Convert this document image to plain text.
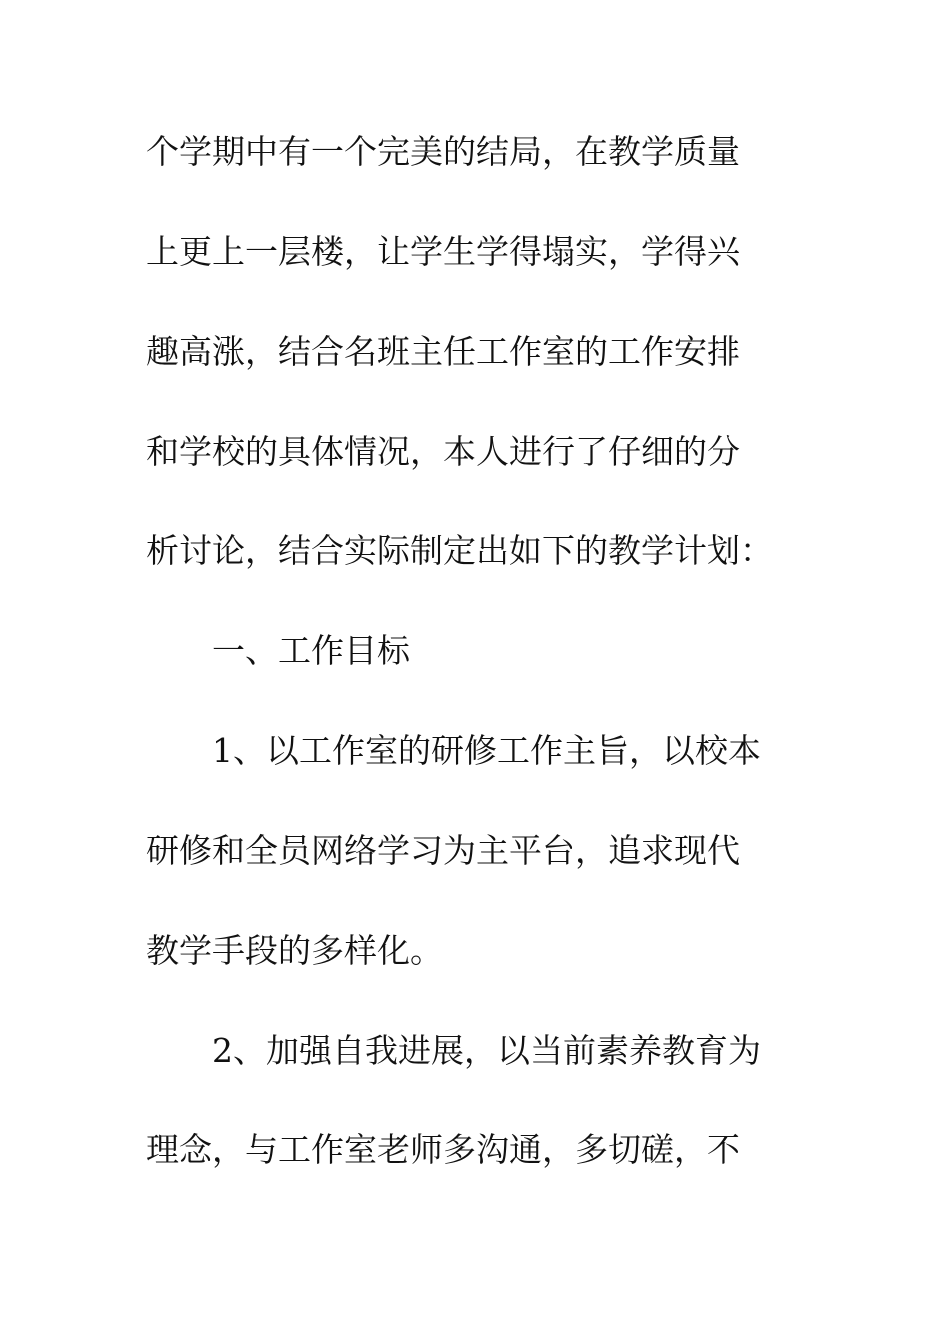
个学期中有一个完美的结局，在教学质量
上更上一层楼，让学生学得塌实，学得兴
趣高涨，结合名班主任工作室的工作安排
和学校的具体情况，本人进行了仔细的分
析讨论，结合实际制定出如下的教学计划：
一、工作目标
1、以工作室的研修工作主旨，以校本
研修和全员网络学习为主平台，追求现代
教学手段的多样化。
2、加强自我进展，以当前素养教育为
理念，与工作室老师多沟通，多切磋，不
